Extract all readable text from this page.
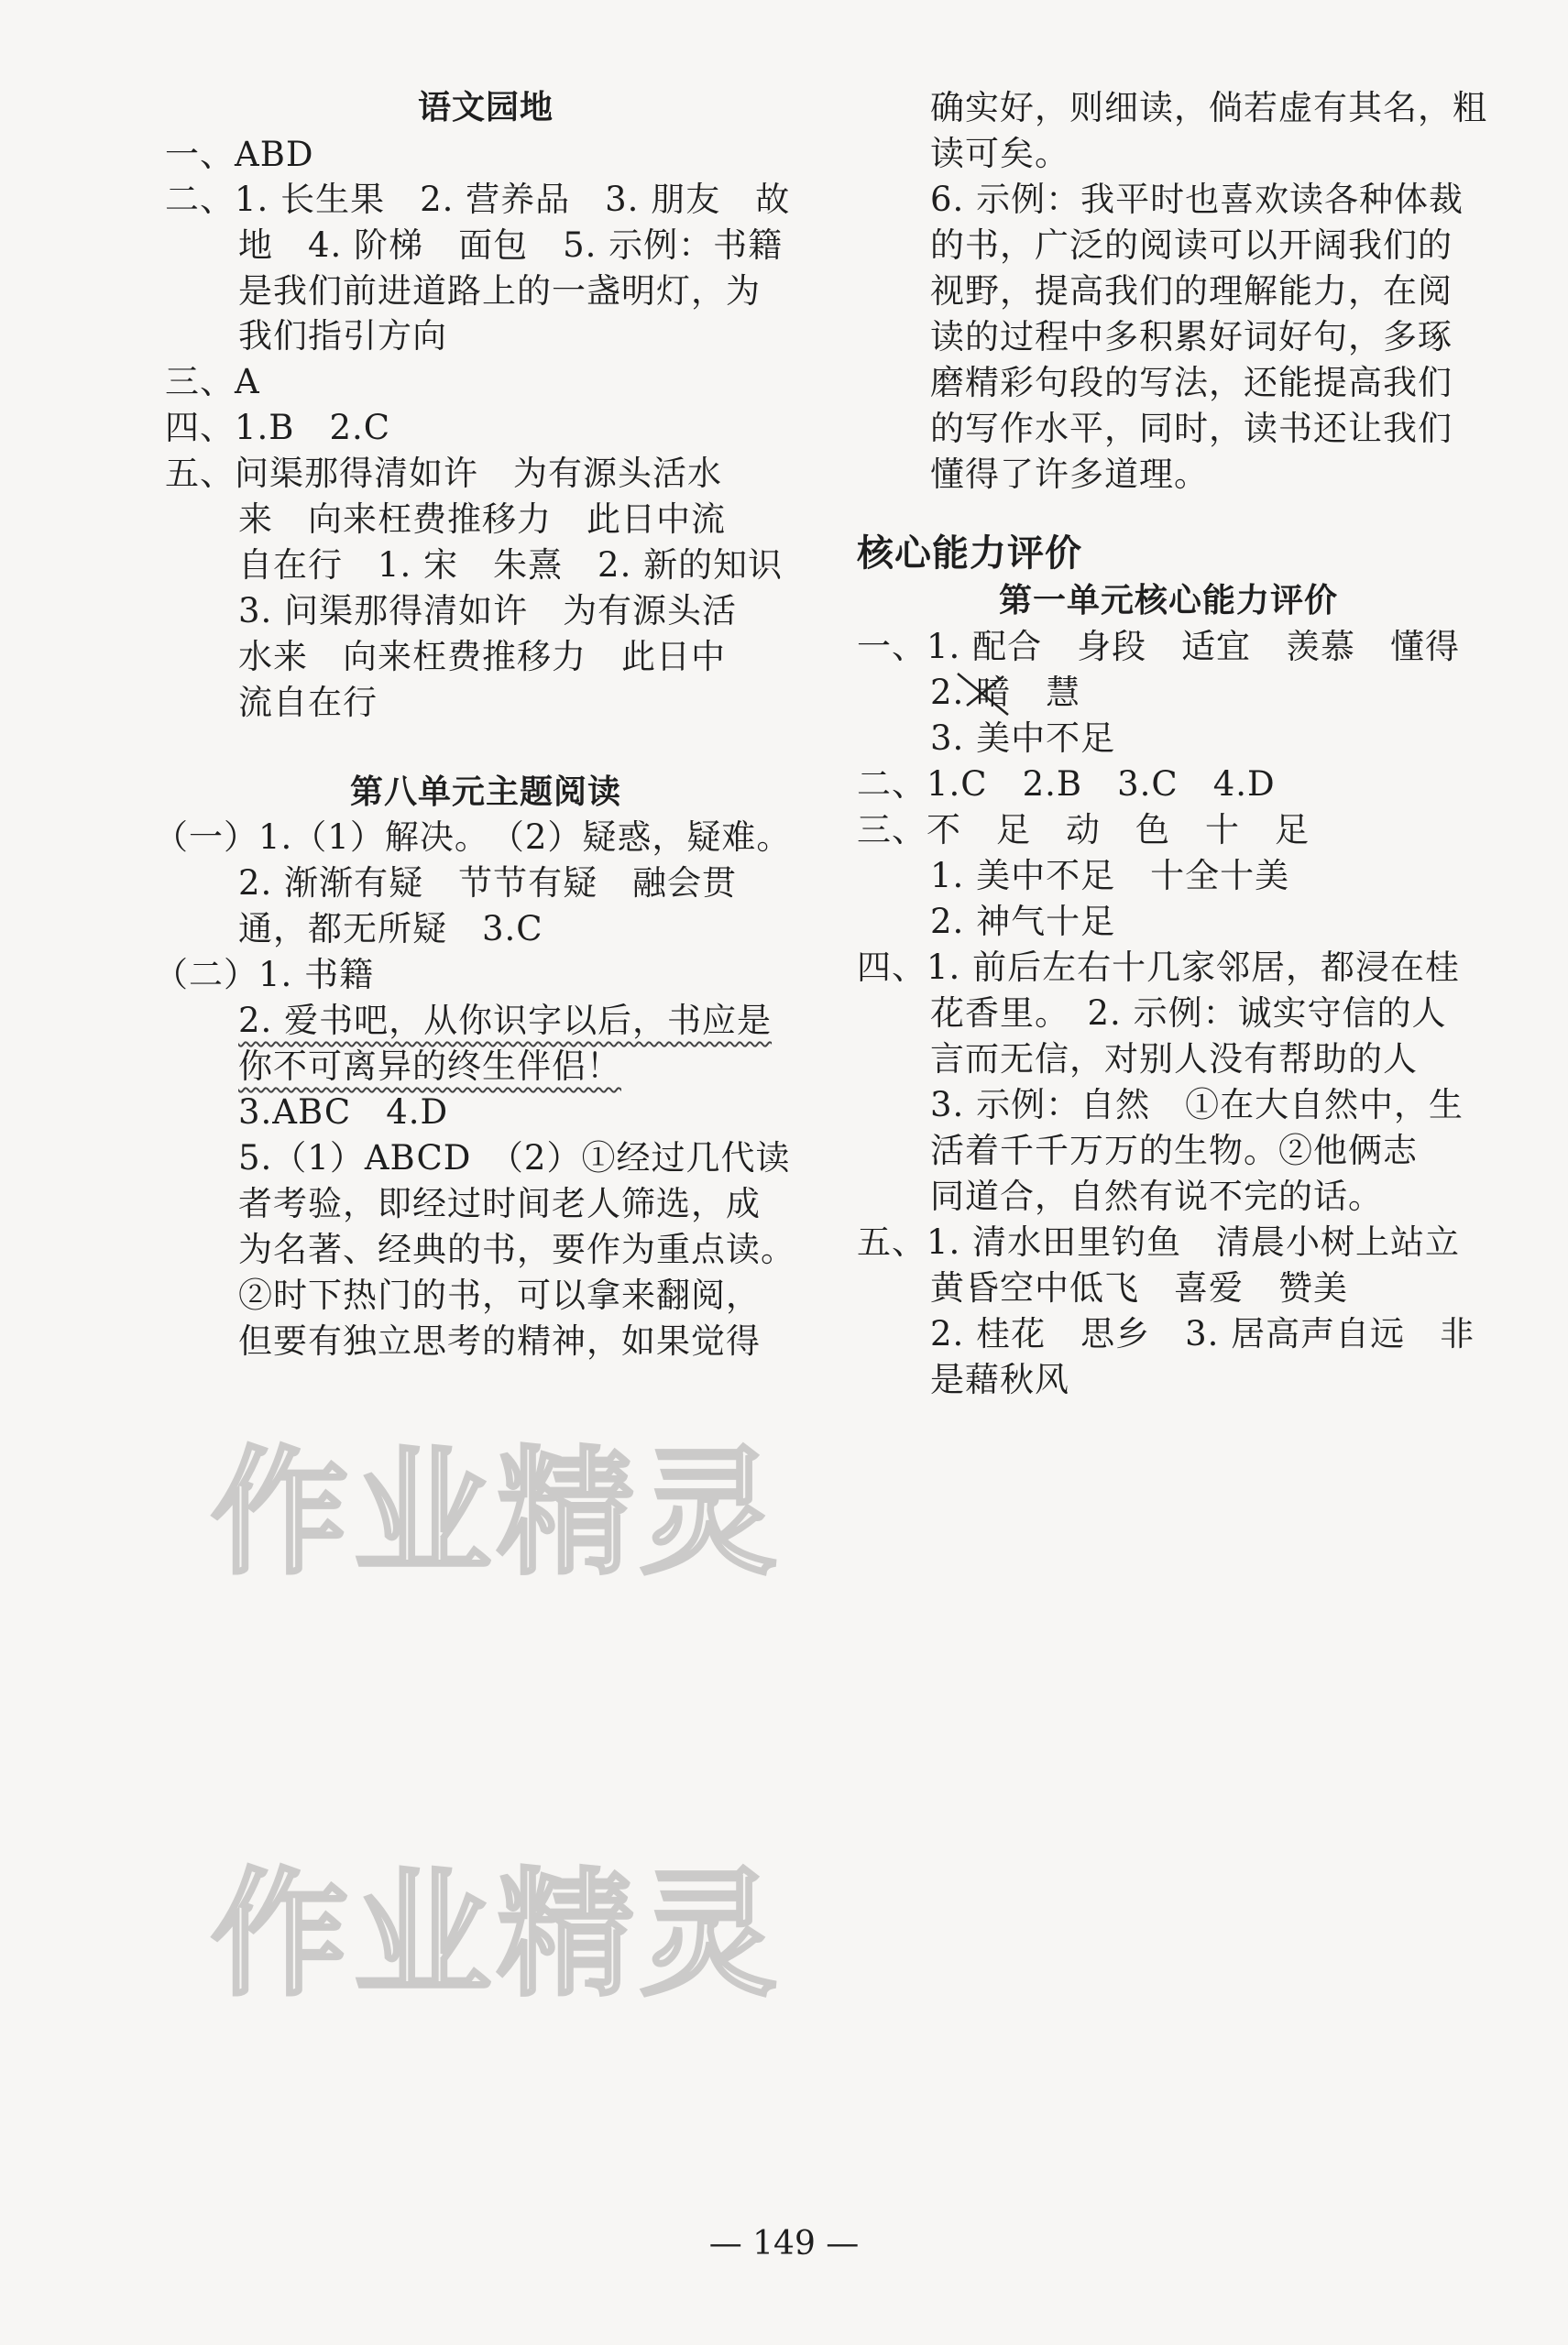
语文园地
一、ABD
二、1. 长生果　2. 营养品　3. 朋友　故
地　4. 阶梯　面包　5. 示例：书籍
是我们前进道路上的一盏明灯，为
我们指引方向
三、A
四、1.B　2.C
五、问渠那得清如许　为有源头活水
来　向来枉费推移力　此日中流
自在行　1. 宋　朱熹　2. 新的知识
3. 问渠那得清如许　为有源头活
水来　向来枉费推移力　此日中
流自在行
第八单元主题阅读
（一）1.（1）解决。　（2）疑惑，疑难。
2. 渐渐有疑　节节有疑　融会贯
通，都无所疑　3.C
（二）1. 书籍
2. 爱书吧，从你识字以后，书应是
你不可离异的终生伴侣！
3.ABC　4.D
5.（1）ABCD　（2）①经过几代读
者考验，即经过时间老人筛选，成
为名著、经典的书，要作为重点读。
②时下热门的书，可以拿来翻阅，
但要有独立思考的精神，如果觉得
确实好，则细读，倘若虚有其名，粗
读可矣。
6. 示例：我平时也喜欢读各种体裁
的书，广泛的阅读可以开阔我们的
视野，提高我们的理解能力，在阅
读的过程中多积累好词好句，多琢
磨精彩句段的写法，还能提高我们
的写作水平，同时，读书还让我们
懂得了许多道理。
核心能力评价
第一单元核心能力评价
一、1. 配合　身段　适宜　羡慕　懂得
2. 暗　慧
3. 美中不足
二、1.C　2.B　3.C　4.D
三、不　足　动　色　十　足
1. 美中不足　十全十美
2. 神气十足
四、1. 前后左右十几家邻居，都浸在桂
花香里。　2. 示例：诚实守信的人
言而无信，对别人没有帮助的人
3. 示例：自然　①在大自然中，生
活着千千万万的生物。②他俩志
同道合，自然有说不完的话。
五、1. 清水田里钓鱼　清晨小树上站立
黄昏空中低飞　喜爱　赞美
2. 桂花　思乡　3. 居高声自远　非
是藉秋风
作业精灵
作业精灵
— 149 —
